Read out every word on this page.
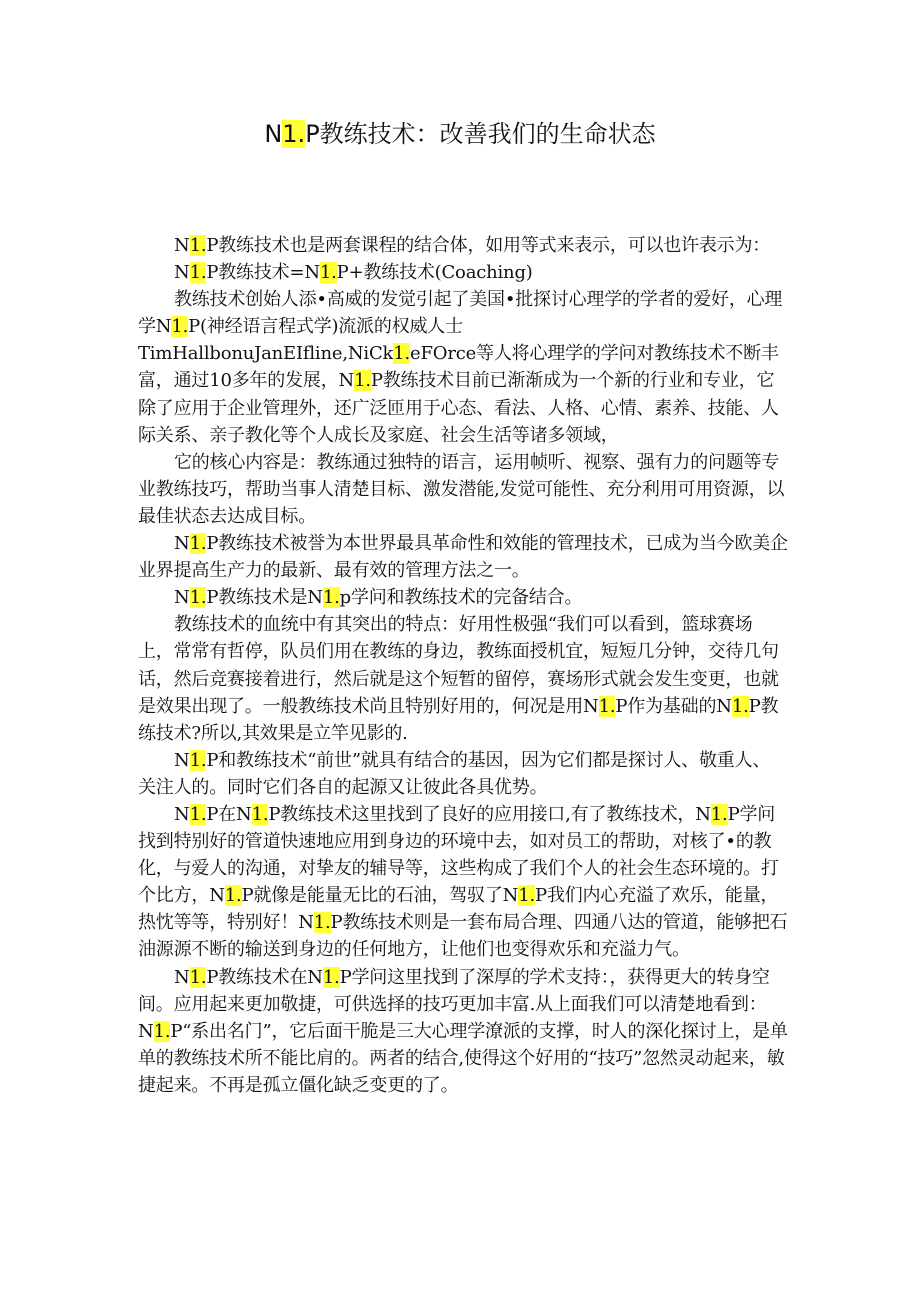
N1.P教练技术：改善我们的生命状态

N1.P教练技术也是两套课程的结合体，如用等式来表示，可以也许表示为：

N1.P教练技术=N1.P+教练技术(Coaching)

教练技术创始人添•高威的发觉引起了美国•批探讨心理学的学者的爱好，心理学N1.P(神经语言程式学)流派的权威人士TimHallbonuJanEIfline,NiCk1.eFOrce等人将心理学的学问对教练技术不断丰富，通过10多年的发展，N1.P教练技术目前已渐渐成为一个新的行业和专业，它除了应用于企业管理外，还广泛匝用于心态、看法、人格、心情、素养、技能、人际关系、亲子教化等个人成长及家庭、社会生活等诸多领域，

它的核心内容是：教练通过独特的语言，运用帧听、视察、强有力的问题等专业教练技巧，帮助当事人清楚目标、激发潜能,发觉可能性、充分利用可用资源，以最佳状态去达成目标。

N1.P教练技术被誉为本世界最具革命性和效能的管理技术，已成为当今欧美企业界提高生产力的最新、最有效的管理方法之一。

N1.P教练技术是N1.p学问和教练技术的完备结合。

教练技术的血统中有其突出的特点：好用性极强“我们可以看到，篮球赛场上，常常有哲停，队员们用在教练的身边，教练面授机宜，短短几分钟，交待几句话，然后竞赛接着进行，然后就是这个短暂的留停，赛场形式就会发生变更，也就是效果出现了。一般教练技术尚且特别好用的，何况是用N1.P作为基础的N1.P教练技术?所以,其效果是立竿见影的.

N1.P和教练技术“前世”就具有结合的基因，因为它们都是探讨人、敬重人、关注人的。同时它们各自的起源又让彼此各具优势。

N1.P在N1.P教练技术这里找到了良好的应用接口,有了教练技术，N1.P学问找到特别好的管道快速地应用到身边的环境中去，如对员工的帮助，对核了•的教化，与爱人的沟通，对挚友的辅导等，这些构成了我们个人的社会生态环境的。打个比方，N1.P就像是能量无比的石油，驾驭了N1.P我们内心充溢了欢乐，能量，热忱等等，特别好！N1.P教练技术则是一套布局合理、四通八达的管道，能够把石油源源不断的输送到身边的任何地方，让他们也变得欢乐和充溢力气。

N1.P教练技术在N1.P学问这里找到了深厚的学术支持：，获得更大的转身空间。应用起来更加敬捷，可供选择的技巧更加丰富.从上面我们可以清楚地看到：N1.P“系出名门”，它后面干脆是三大心理学潦派的支撑，时人的深化探讨上，是单单的教练技术所不能比肩的。两者的结合,使得这个好用的“技巧”忽然灵动起来，敏捷起来。不再是孤立僵化缺乏变更的了。
